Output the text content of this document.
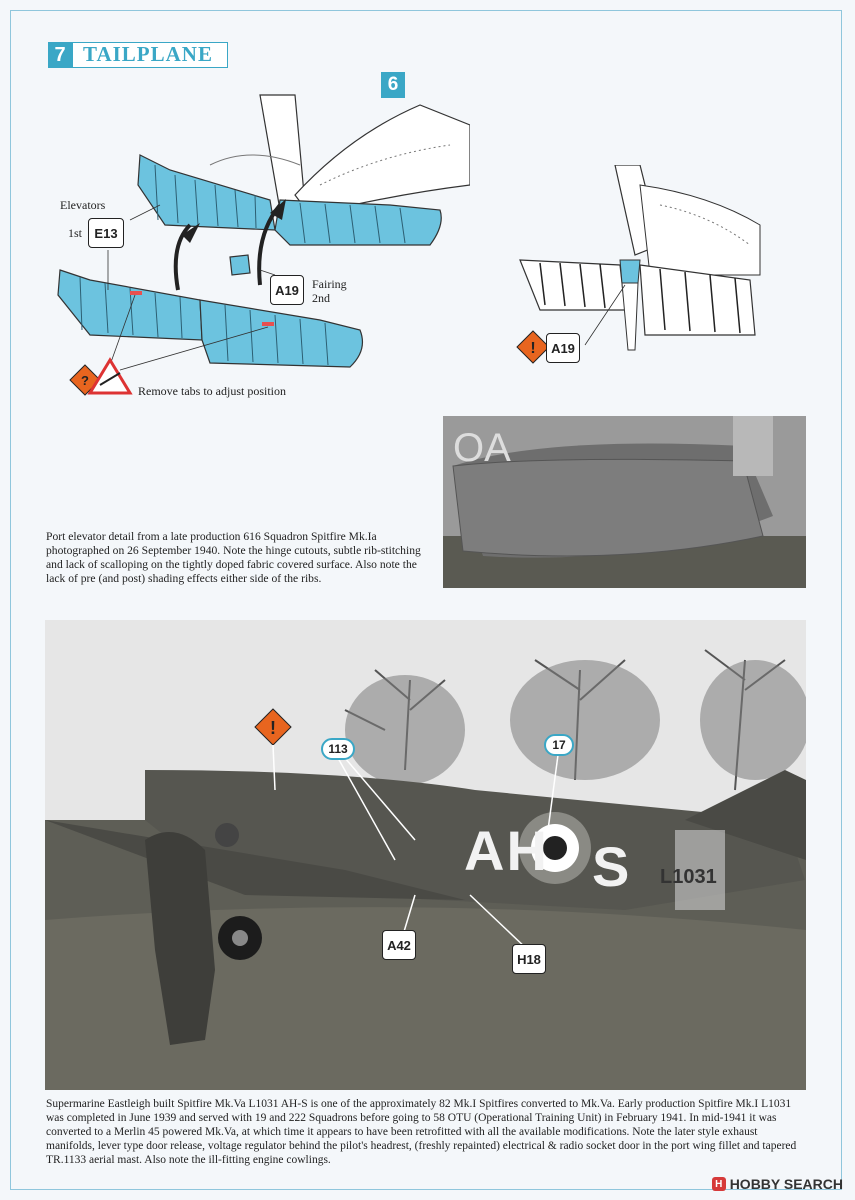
7 TAILPLANE
6
?
Elevators
1st E13
A19	Fairing
2nd
Remove tabs to adjust position
!	A19
OA
Port elevator detail from a late production 616 Squadron Spitfire Mk.Ia photographed on 26 September 1940. Note the hinge cutouts, subtle rib-stitching and lack of scalloping on the tightly doped fabric covered surface. Also note the lack of pre (and post) shading effects either side of the ribs.
AH S L1031
!
113	17
A42
H18
Supermarine Eastleigh built Spitfire Mk.Va L1031 AH-S is one of the approximately 82 Mk.I Spitfires converted to Mk.Va. Early production Spitfire Mk.I L1031 was completed in June 1939 and served with 19 and 222 Squadrons before going to 58 OTU (Operational Training Unit) in February 1941. In mid-1941 it was converted to a Merlin 45 powered Mk.Va, at which time it appears to have been retrofitted with all the available modifications. Note the later style exhaust manifolds, lever type door release, voltage regulator behind the pilot's headrest, (freshly repainted) electrical & radio socket door in the port wing fillet and tapered TR.1133 aerial mast. Also note the ill-fitting engine cowlings.
H HOBBY SEARCH
